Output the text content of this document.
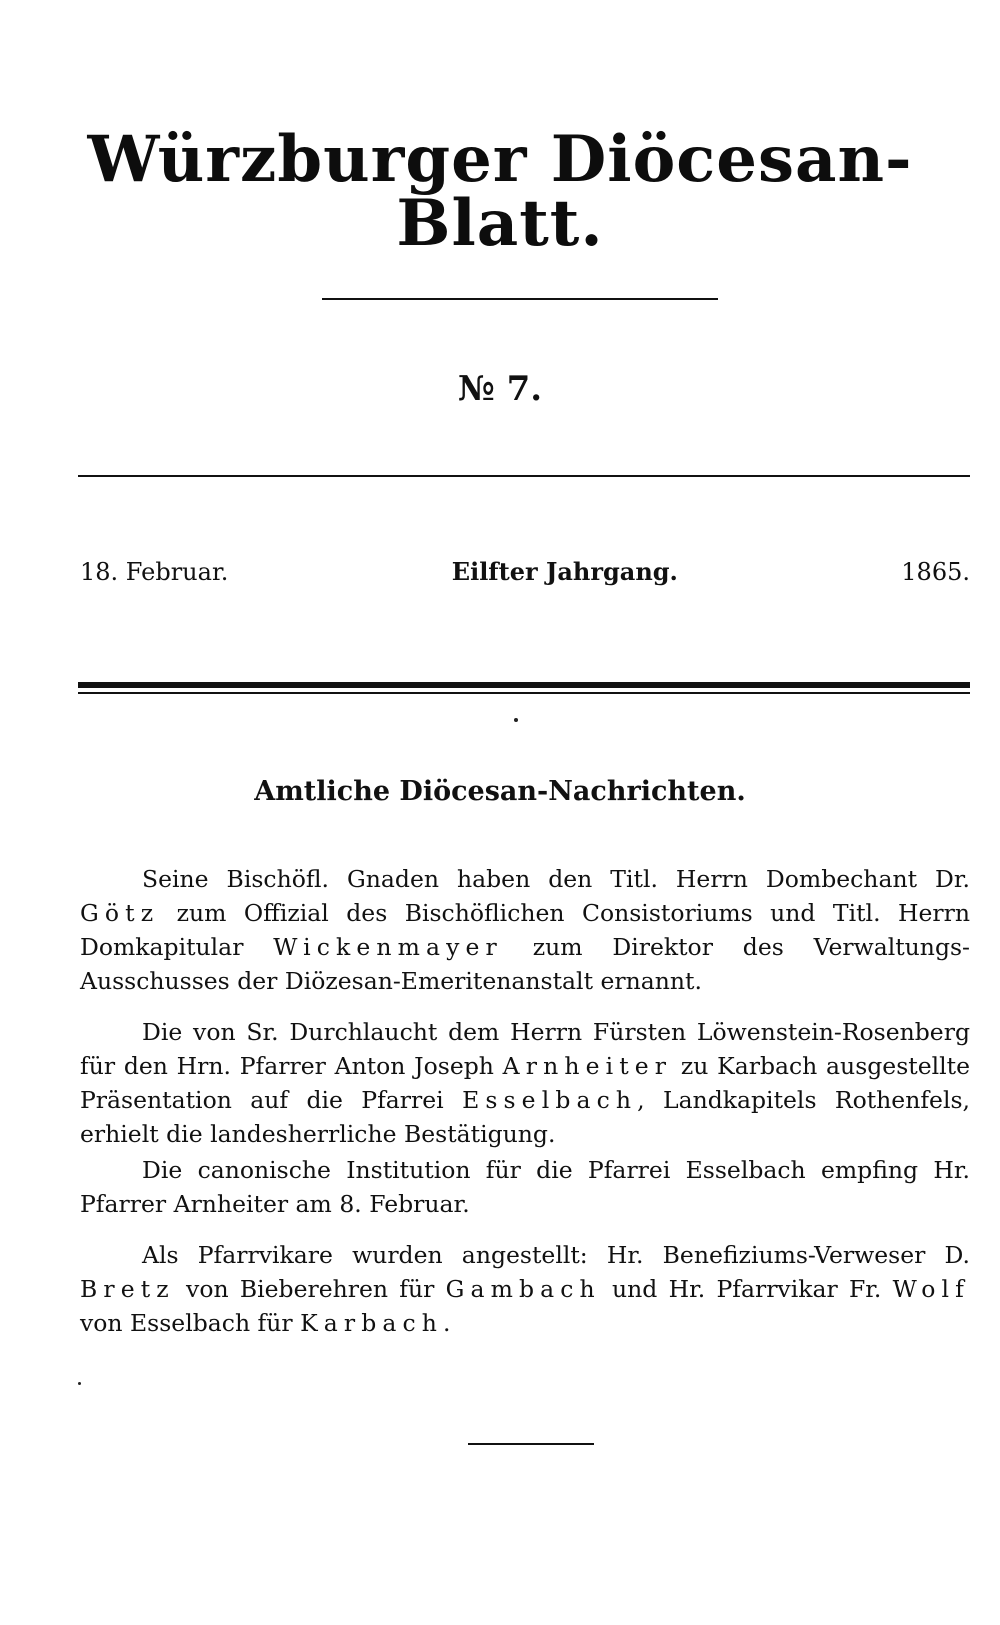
Würzburger Diöcesan-Blatt.
№ 7.
18. Februar.	Eilfter Jahrgang.	1865.
Amtliche Diöcesan-Nachrichten.

Seine Bischöfl. Gnaden haben den Titl. Herrn Dombechant Dr. Götz zum Offizial des Bischöflichen Consistoriums und Titl. Herrn Domkapitular Wickenmayer zum Direktor des Verwaltungs-Ausschusses der Diözesan-Emeritenanstalt ernannt.

Die von Sr. Durchlaucht dem Herrn Fürsten Löwenstein-Rosenberg für den Hrn. Pfarrer Anton Joseph Arnheiter zu Karbach ausgestellte Präsentation auf die Pfarrei Esselbach, Landkapitels Rothenfels, erhielt die landesherrliche Bestätigung.

Die canonische Institution für die Pfarrei Esselbach empfing Hr. Pfarrer Arnheiter am 8. Februar.

Als Pfarrvikare wurden angestellt: Hr. Benefiziums-Verweser D. Bretz von Bieberehren für Gambach und Hr. Pfarrvikar Fr. Wolf von Esselbach für Karbach.
